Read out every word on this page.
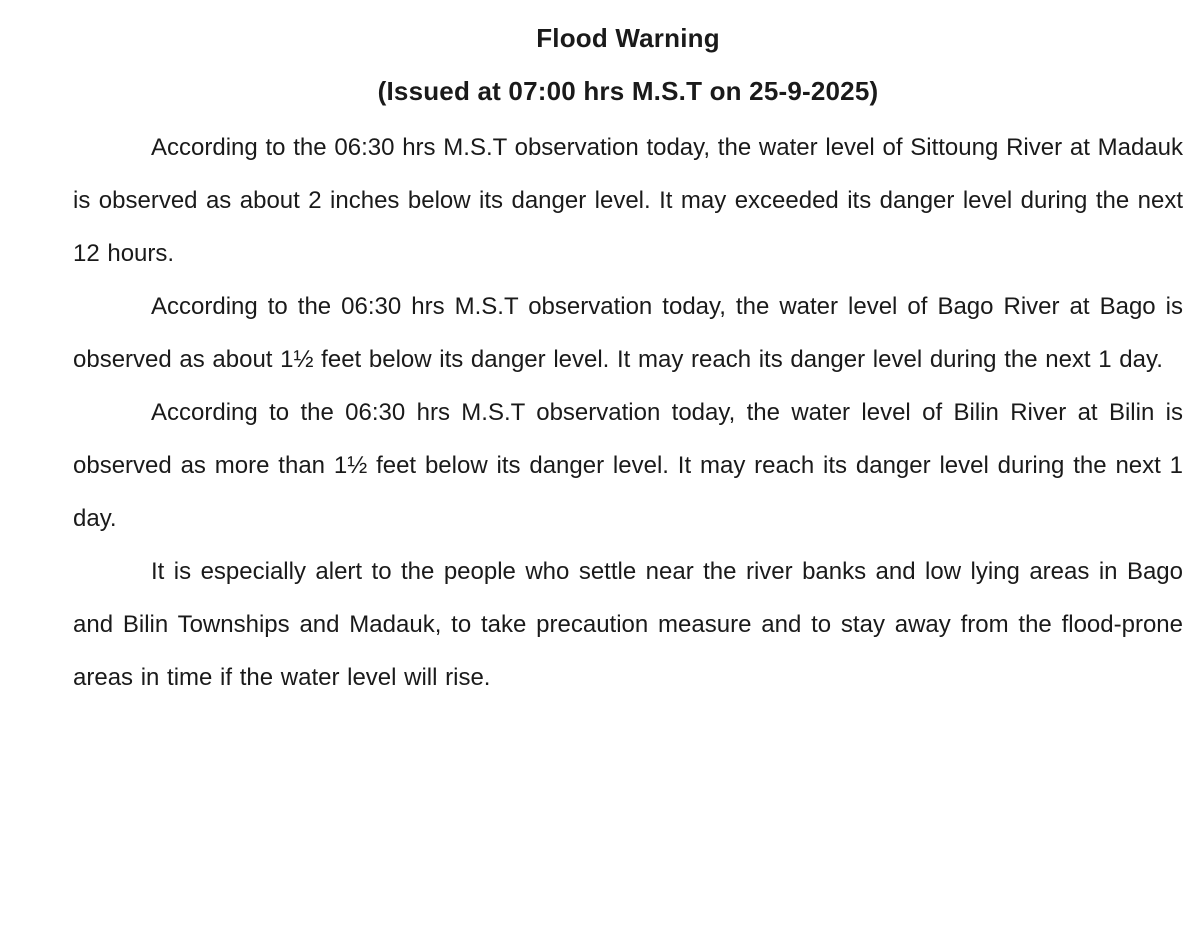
Flood Warning
(Issued at 07:00 hrs M.S.T on 25-9-2025)

According to the 06:30 hrs M.S.T observation today, the water level of Sittoung River at Madauk is observed as about 2 inches below its danger level. It may exceeded its danger level during the next 12 hours.

According to the 06:30 hrs M.S.T observation today, the water level of Bago River at Bago is observed as about 1½ feet below its danger level. It may reach its danger level during the next 1 day.

According to the 06:30 hrs M.S.T observation today, the water level of Bilin River at Bilin is observed as more than 1½ feet below its danger level. It may reach its danger level during the next 1 day.

It is especially alert to the people who settle near the river banks and low lying areas in Bago and Bilin Townships and Madauk, to take precaution measure and to stay away from the flood-prone areas in time if the water level will rise.
